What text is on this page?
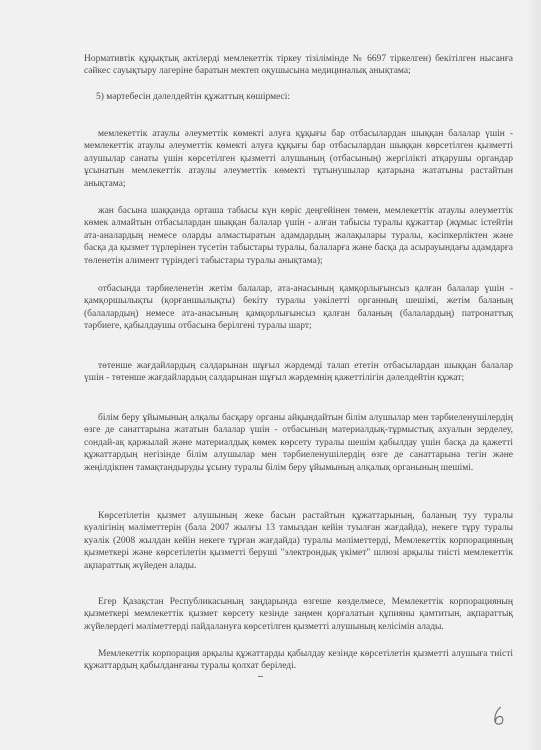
Нормативтік құқықтық актілерді мемлекеттік тіркеу тізілімінде № 6697 тіркелген) бекітілген нысанға сәйкес сауықтыру лагеріне баратын мектеп оқушысына медициналық анықтама;

5) мәртебесін дәлелдейтін құжаттың көшірмесі:

мемлекеттік атаулы әлеуметтік көмекті алуға құқығы бар отбасылардан шыққан балалар үшін - мемлекеттік атаулы әлеуметтік көмекті алуға құқығы бар отбасылардан шыққан көрсетілген қызметті алушылар санаты үшін көрсетілген қызметті алушының (отбасының) жергілікті атқарушы органдар ұсынатын мемлекеттік атаулы әлеуметтік көмекті тұтынушылар қатарына жататыны растайтын анықтама;

жан басына шаққанда орташа табысы күн көріс деңгейінен төмен, мемлекеттік атаулы әлеуметтік көмек алмайтын отбасылардан шыққан балалар үшін - алған табысы туралы құжаттар (жұмыс істейтін ата-аналардың немесе оларды алмастыратын адамдардың жалақылары туралы, кәсіпкерліктен және басқа да қызмет түрлерінен түсетін табыстары туралы, балаларға және басқа да асырауындағы адамдарға төленетін алимент түріндегі табыстары туралы анықтама);

отбасында тәрбиеленетін жетім балалар, ата-анасының қамқорлығынсыз қалған балалар үшін - қамқоршылықты (қорғаншылықты) бекіту туралы уәкілетті органның шешімі, жетім баланың (балалардың) немесе ата-анасының қамқорлығынсыз қалған баланың (балалардың) патронаттық тәрбиеге, қабылдаушы отбасына берілгені туралы шарт;

төтенше жағдайлардың салдарынан шұғыл жәрдемді талап ететін отбасылардан шыққан балалар үшін - төтенше жағдайлардың салдарынан шұғыл жәрдемнің қажеттілігін дәлелдейтін құжат;

білім беру ұйымының алқалы басқару органы айқындайтын білім алушылар мен тәрбиеленушілердің өзге де санаттарына жататын балалар үшін - отбасының материалдық-тұрмыстық ахуалын зерделеу, сондай-ақ қаржылай және материалдық көмек көрсету туралы шешім қабылдау үшін басқа да қажетті құжаттардың негізінде білім алушылар мен тәрбиеленушілердің өзге де санаттарына тегін және жеңілдікпен тамақтандыруды ұсыну туралы білім беру ұйымының алқалық органының шешімі.

Көрсетілетін қызмет алушының жеке басын растайтын құжаттарының, баланың туу туралы куәлігінің мәліметтерін (бала 2007 жылғы 13 тамыздан кейін туылған жағдайда), некеге тұру туралы куәлік (2008 жылдан кейін некеге тұрған жағдайда) туралы мәліметтерді, Мемлекеттік корпорацияның қызметкері және көрсетілетін қызметті беруші "электрондық үкімет" шлюзі арқылы тиісті мемлекеттік ақпараттық жүйеден алады.

Егер Қазақстан Республикасының заңдарында өзгеше көзделмесе, Мемлекеттік корпорацияның қызметкері мемлекеттік қызмет көрсету кезінде заңмен қорғалатын құпияны қамтитын, ақпараттық жүйелердегі мәліметтерді пайдалануға көрсетілген қызметті алушының келісімін алады.

Мемлекеттік корпорация арқылы құжаттарды қабылдау кезінде көрсетілетін қызметті алушыға тиісті құжаттардың қабылданғаны туралы қолхат беріледі.
